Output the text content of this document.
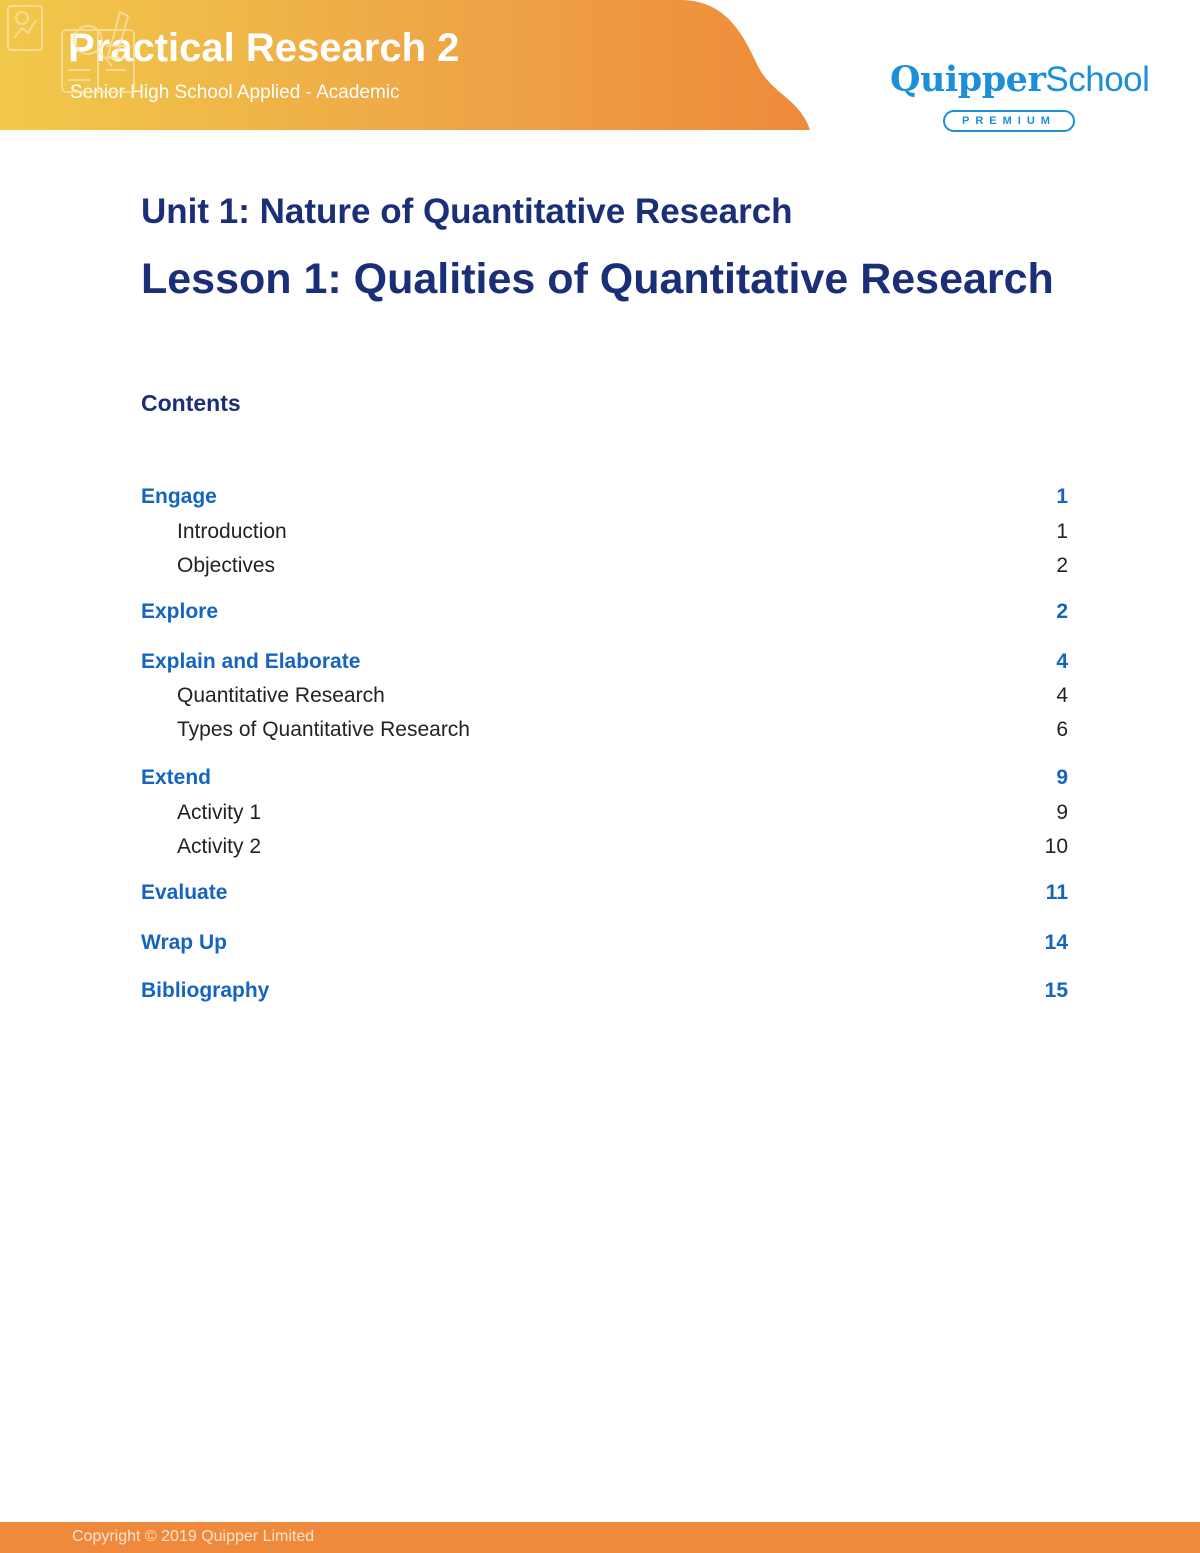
Practical Research 2

Senior High School Applied - Academic	QuipperSchool
PREMIUM
Unit 1: Nature of Quantitative Research
Lesson 1: Qualities of Quantitative Research
Contents
Engage	1
Introduction	1
Objectives	2
Explore	2
Explain and Elaborate	4
Quantitative Research	4
Types of Quantitative Research	6
Extend	9
Activity 1	9
Activity 2	10
Evaluate	11
Wrap Up	14
Bibliography	15

Copyright © 2019 Quipper Limited
